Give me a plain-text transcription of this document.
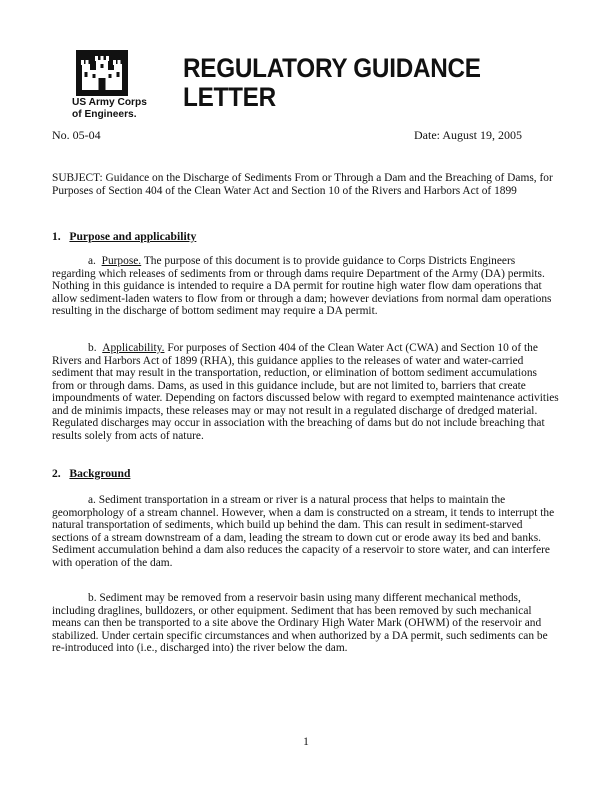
US Army Corps
of Engineers.
REGULATORY GUIDANCE
LETTER
No. 05-04	Date: August 19, 2005
SUBJECT: Guidance on the Discharge of Sediments From or Through a Dam and the Breaching of Dams, for Purposes of Section 404 of the Clean Water Act and Section 10 of the Rivers and Harbors Act of 1899
1. Purpose and applicability
a. Purpose. The purpose of this document is to provide guidance to Corps Districts Engineers regarding which releases of sediments from or through dams require Department of the Army (DA) permits. Nothing in this guidance is intended to require a DA permit for routine high water flow dam operations that allow sediment-laden waters to flow from or through a dam; however deviations from normal dam operations resulting in the discharge of bottom sediment may require a DA permit.
b. Applicability. For purposes of Section 404 of the Clean Water Act (CWA) and Section 10 of the Rivers and Harbors Act of 1899 (RHA), this guidance applies to the releases of water and water-carried sediment that may result in the transportation, reduction, or elimination of bottom sediment accumulations from or through dams. Dams, as used in this guidance include, but are not limited to, barriers that create impoundments of water. Depending on factors discussed below with regard to exempted maintenance activities and de minimis impacts, these releases may or may not result in a regulated discharge of dredged material. Regulated discharges may occur in association with the breaching of dams but do not include breaching that results solely from acts of nature.
2. Background
a. Sediment transportation in a stream or river is a natural process that helps to maintain the geomorphology of a stream channel. However, when a dam is constructed on a stream, it tends to interrupt the natural transportation of sediments, which build up behind the dam. This can result in sediment-starved sections of a stream downstream of a dam, leading the stream to down cut or erode away its bed and banks. Sediment accumulation behind a dam also reduces the capacity of a reservoir to store water, and can interfere with operation of the dam.
b. Sediment may be removed from a reservoir basin using many different mechanical methods, including draglines, bulldozers, or other equipment. Sediment that has been removed by such mechanical means can then be transported to a site above the Ordinary High Water Mark (OHWM) of the reservoir and stabilized. Under certain specific circumstances and when authorized by a DA permit, such sediments can be re-introduced into (i.e., discharged into) the river below the dam.
1
